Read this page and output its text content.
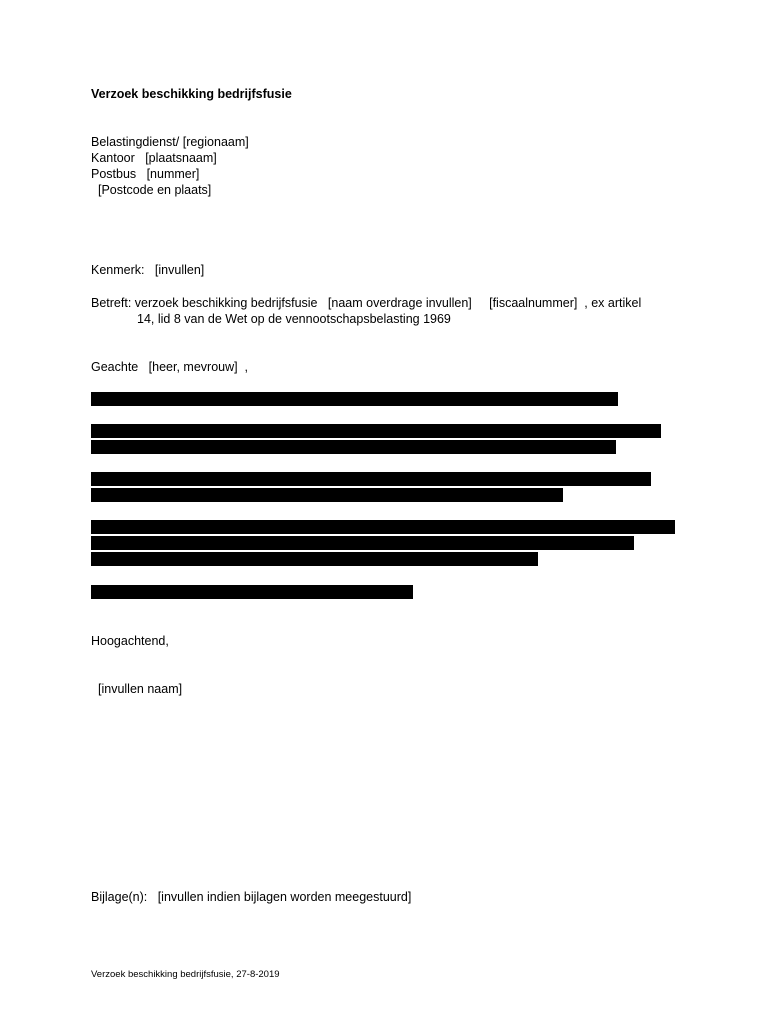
Verzoek beschikking bedrijfsfusie
Belastingdienst/ [regionaam]
Kantoor   [plaatsnaam]
Postbus   [nummer]
[Postcode en plaats]
Kenmerk:   [invullen]
Betreft: verzoek beschikking bedrijfsfusie   [naam overdrage invullen]     [fiscaalnummer]  , ex artikel
14, lid 8 van de Wet op de vennootschapsbelasting 1969
Geachte   [heer, mevrouw]  ,
Hoogachtend,
[invullen naam]
Bijlage(n):   [invullen indien bijlagen worden meegestuurd]
Verzoek beschikking bedrijfsfusie, 27-8-2019
